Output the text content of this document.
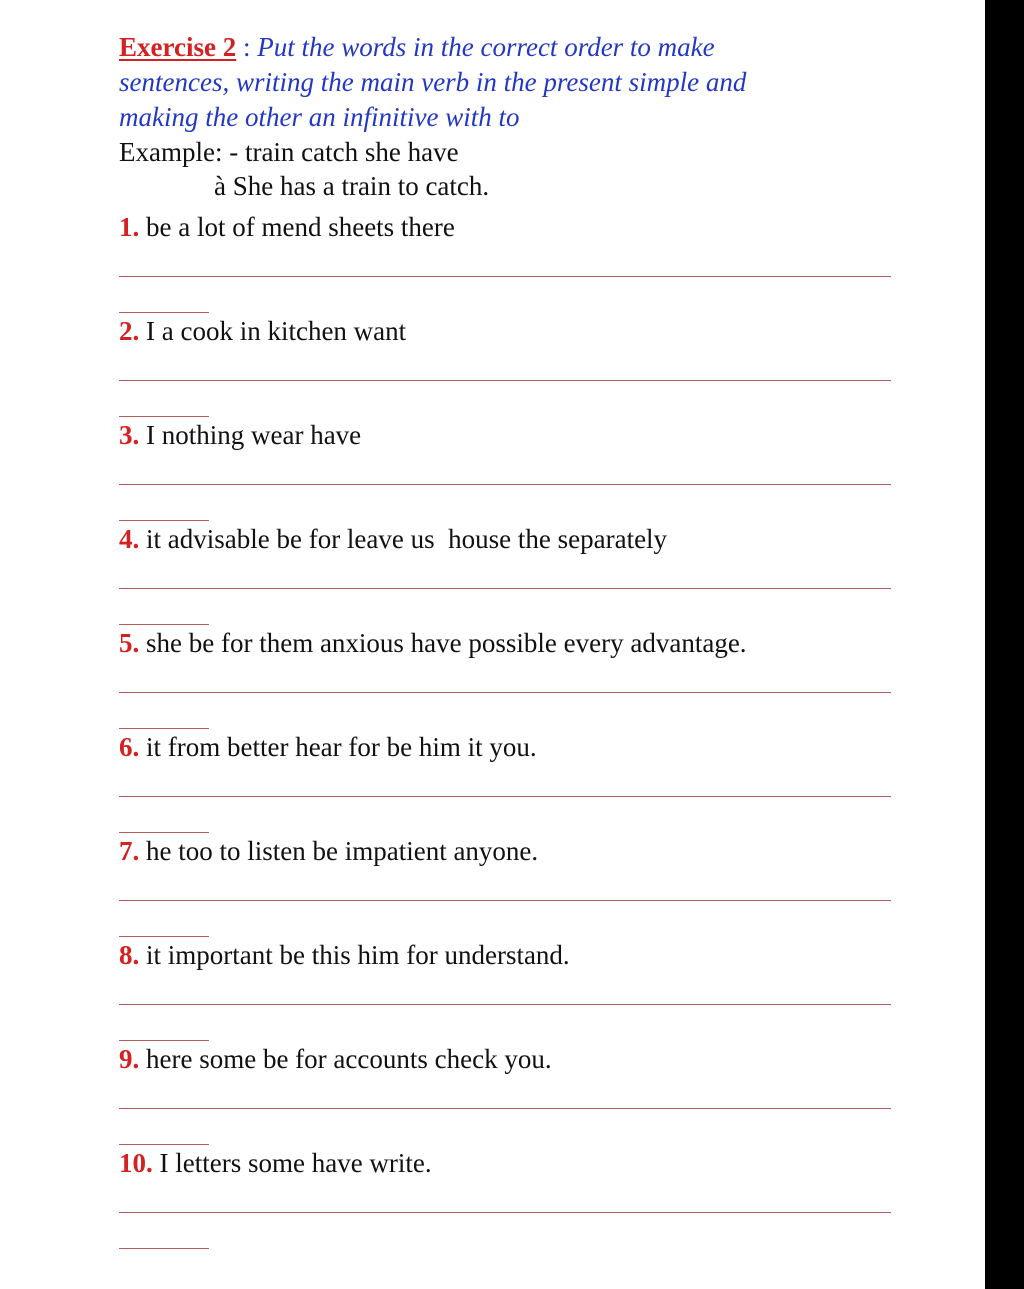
Exercise 2 : Put the words in the correct order to make
sentences, writing the main verb in the present simple and
making the other an infinitive with to

Example: - train catch she have

à She has a train to catch.

1. be a lot of mend sheets there
2. I a cook in kitchen want
3. I nothing wear have
4. it advisable be for leave us  house the separately
5. she be for them anxious have possible every advantage.
6. it from better hear for be him it you.
7. he too to listen be impatient anyone.
8. it important be this him for understand.
9. here some be for accounts check you.
10. I letters some have write.
